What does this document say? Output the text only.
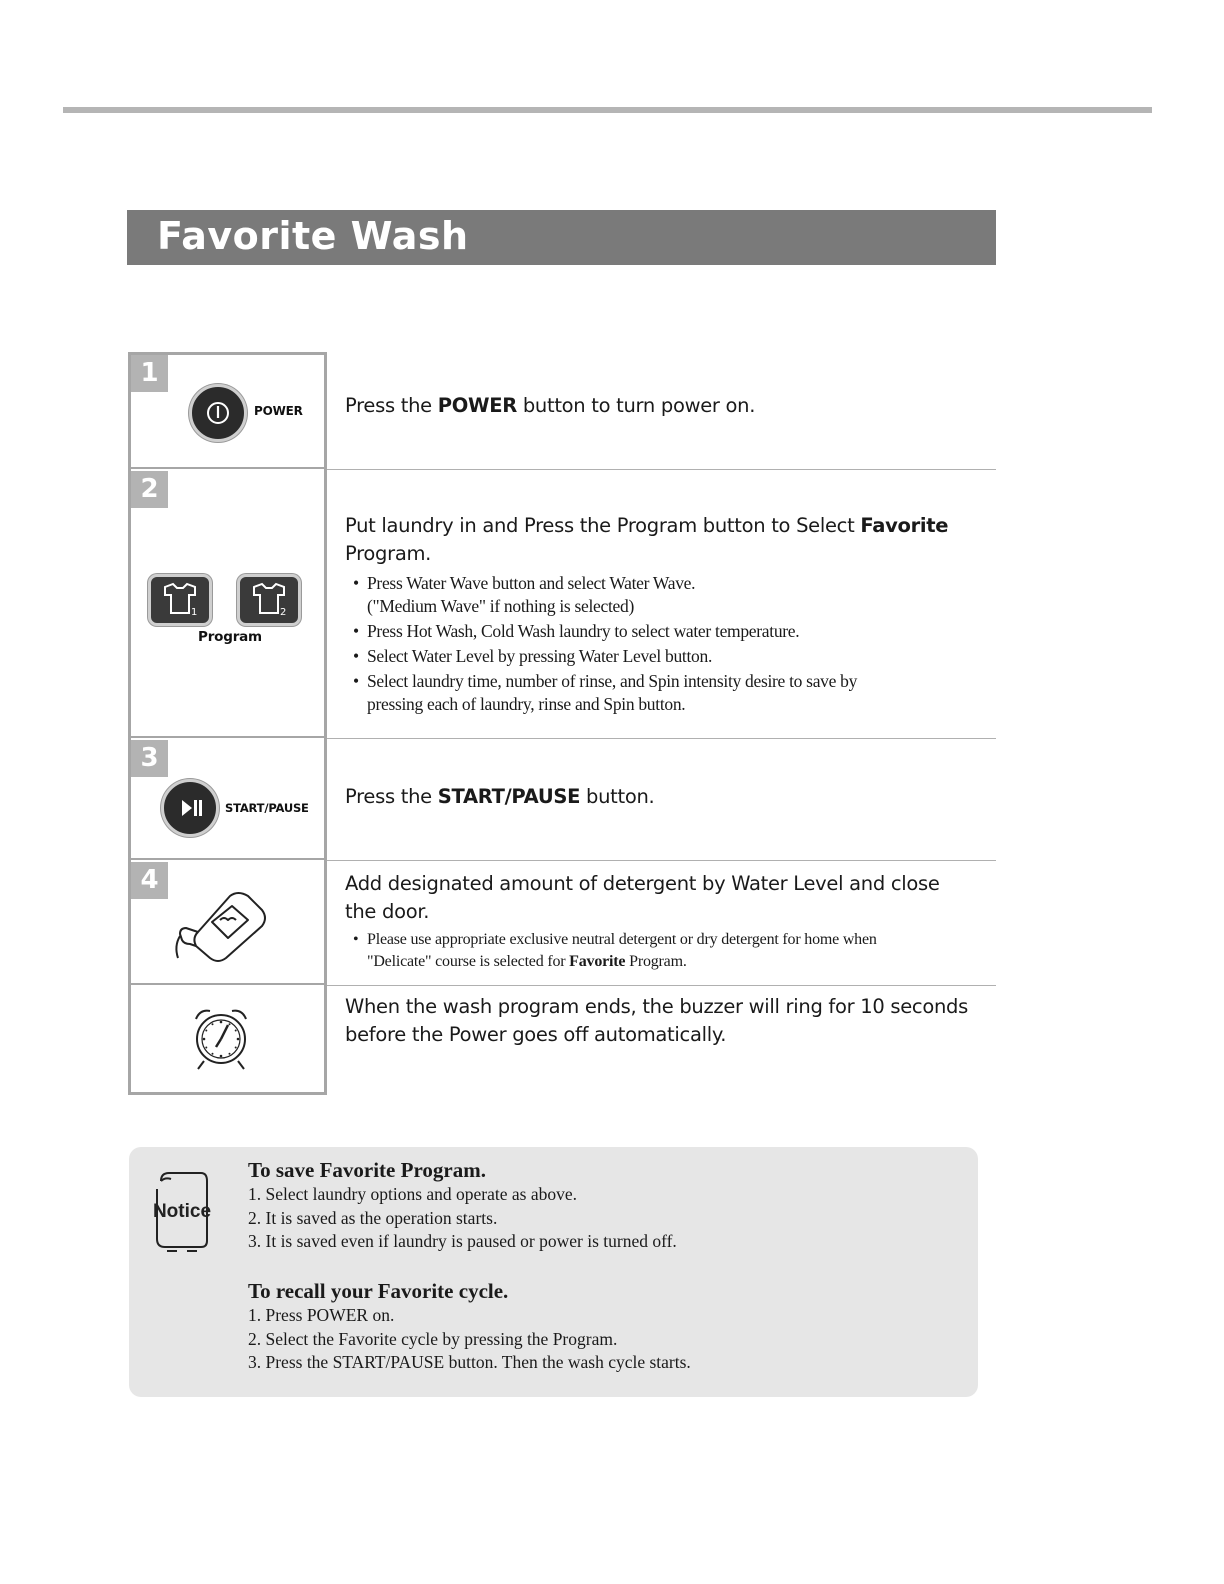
Favorite Wash
1
POWER Press the POWER button to turn power on.
2
1	2
Program
Put laundry in and Press the Program button to Select Favorite Program.
• Press Water Wave button and select Water Wave.
("Medium Wave" if nothing is selected)
• Press Hot Wash, Cold Wash laundry to select water temperature.
• Select Water Level by pressing Water Level button.
• Select laundry time, number of rinse, and Spin intensity desire to save by
pressing each of laundry, rinse and Spin button.
3
START/PAUSE Press the START/PAUSE button.
4	Add designated amount of detergent by Water Level and close
the door.
• Please use appropriate exclusive neutral detergent or dry detergent for home when
"Delicate" course is selected for Favorite Program.
When the wash program ends, the buzzer will ring for 10 seconds
before the Power goes off automatically.
Notice
To save Favorite Program.
1. Select laundry options and operate as above.
2. It is saved as the operation starts.
3. It is saved even if laundry is paused or power is turned off.
To recall your Favorite cycle.
1. Press POWER on.
2. Select the Favorite cycle by pressing the Program.
3. Press the START/PAUSE button. Then the wash cycle starts.
